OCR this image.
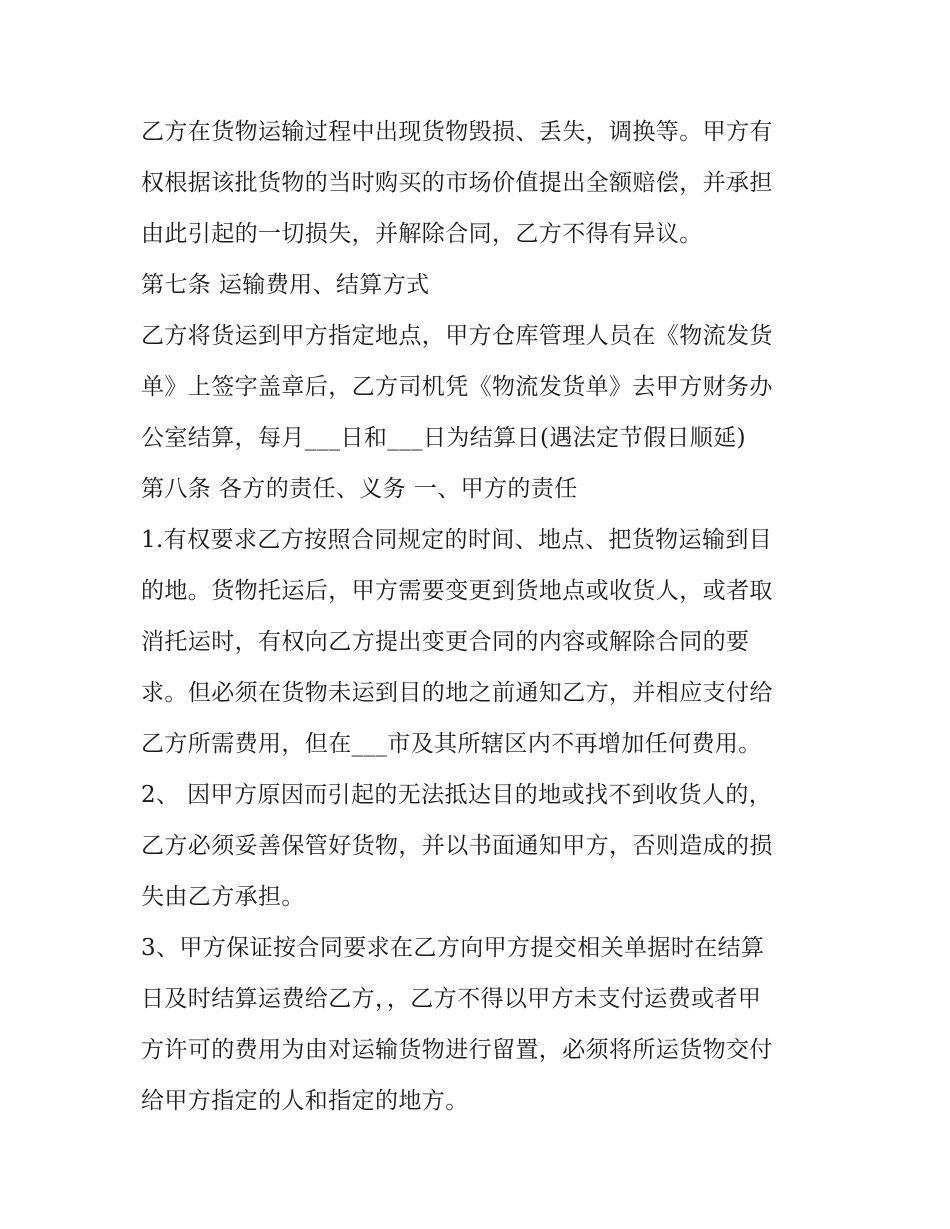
乙方在货物运输过程中出现货物毁损、丢失，调换等。甲方有
权根据该批货物的当时购买的市场价值提出全额赔偿，并承担
由此引起的一切损失，并解除合同，乙方不得有异议。
第七条 运输费用、结算方式
乙方将货运到甲方指定地点，甲方仓库管理人员在《物流发货
单》上签字盖章后，乙方司机凭《物流发货单》去甲方财务办
公室结算，每月___日和___日为结算日(遇法定节假日顺延)
第八条 各方的责任、义务 一、甲方的责任
1.有权要求乙方按照合同规定的时间、地点、把货物运输到目
的地。货物托运后，甲方需要变更到货地点或收货人，或者取
消托运时，有权向乙方提出变更合同的内容或解除合同的要
求。但必须在货物未运到目的地之前通知乙方，并相应支付给
乙方所需费用，但在___市及其所辖区内不再增加任何费用。
2、 因甲方原因而引起的无法抵达目的地或找不到收货人的，
乙方必须妥善保管好货物，并以书面通知甲方，否则造成的损
失由乙方承担。
3、甲方保证按合同要求在乙方向甲方提交相关单据时在结算
日及时结算运费给乙方，，乙方不得以甲方未支付运费或者甲
方许可的费用为由对运输货物进行留置，必须将所运货物交付
给甲方指定的人和指定的地方。
